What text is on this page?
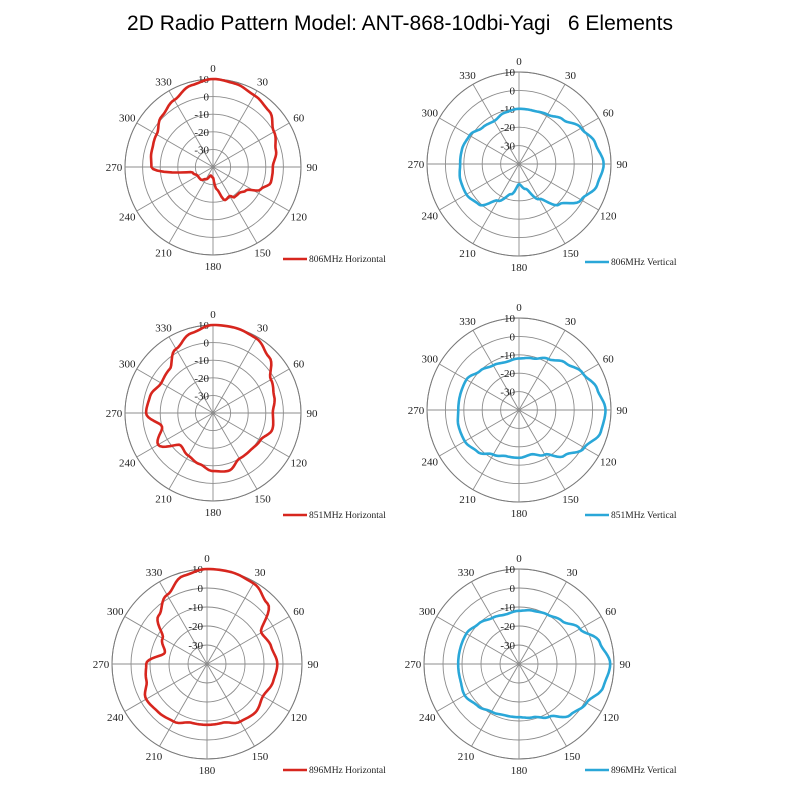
2D Radio Pattern Model: ANT-868-10dbi-Yagi   6 Elements
0
30
60
90
120
150
180
210
240
270
300
330 10
0
-10
-20
-30
806MHz Horizontal
0
30
60
90
120
150
180
210
240
270
300
330	10
0
-10
-20
-30
806MHz Vertical
0
30
60
90
120
150
180
210
240
270
300
330 10
0
-10
-20
-30
851MHz Horizontal
0
30
60
90
120
150
180
210
240
270
300
330	10
0
-10
-20
-30
851MHz Vertical
0
30
60
90
120
150
180
210
240
270
300
330	10
0
-10
-20
-30
896MHz Horizontal
0
30
60
90
120
150
180
210
240
270
300
330	10
0
-10
-20
-30
896MHz Vertical
